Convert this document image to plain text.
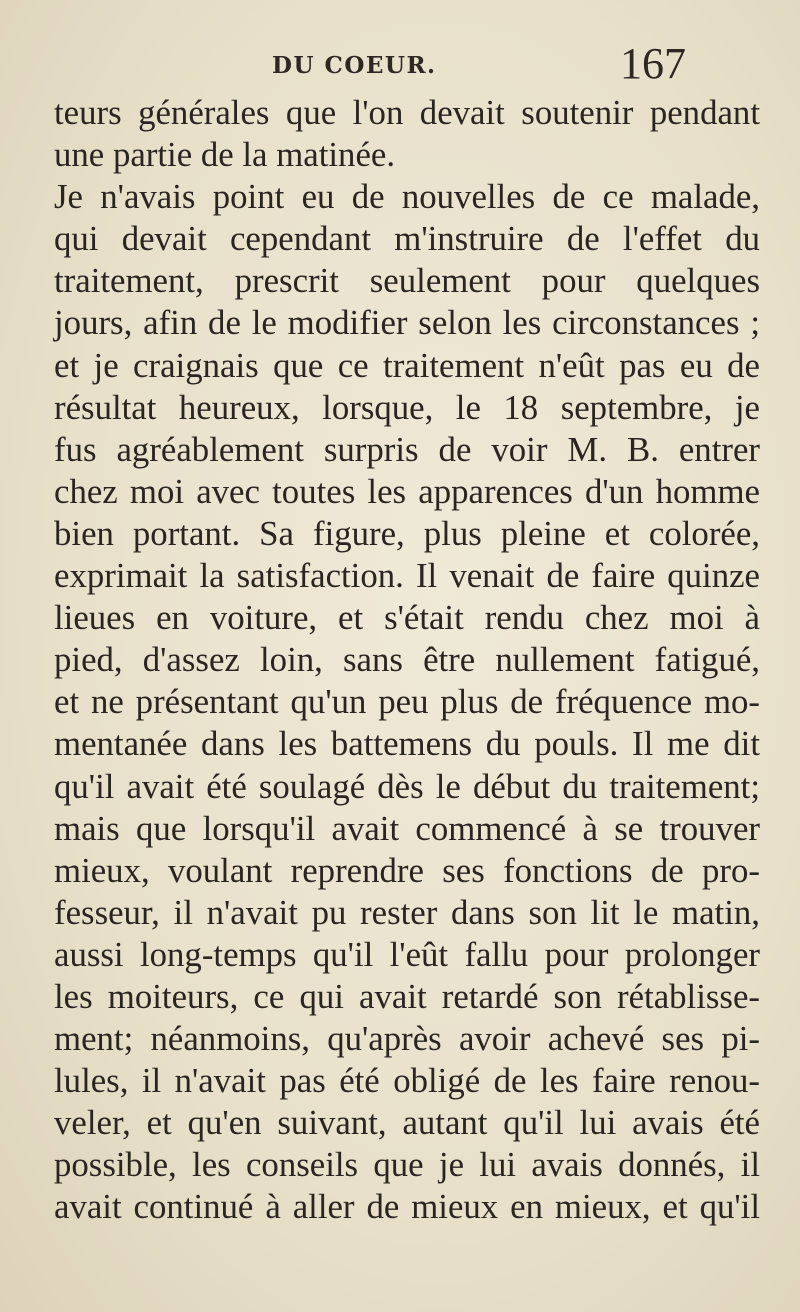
DU COEUR.	167
teurs générales que l'on devait soutenir pendant
une partie de la matinée.
Je n'avais point eu de nouvelles de ce malade,
qui devait cependant m'instruire de l'effet du
traitement, prescrit seulement pour quelques
jours, afin de le modifier selon les circonstances ;
et je craignais que ce traitement n'eût pas eu de
résultat heureux, lorsque, le 18 septembre, je
fus agréablement surpris de voir M. B. entrer
chez moi avec toutes les apparences d'un homme
bien portant. Sa figure, plus pleine et colorée,
exprimait la satisfaction. Il venait de faire quinze
lieues en voiture, et s'était rendu chez moi à
pied, d'assez loin, sans être nullement fatigué,
et ne présentant qu'un peu plus de fréquence mo-
mentanée dans les battemens du pouls. Il me dit
qu'il avait été soulagé dès le début du traitement;
mais que lorsqu'il avait commencé à se trouver
mieux, voulant reprendre ses fonctions de pro-
fesseur, il n'avait pu rester dans son lit le matin,
aussi long-temps qu'il l'eût fallu pour prolonger
les moiteurs, ce qui avait retardé son rétablisse-
ment; néanmoins, qu'après avoir achevé ses pi-
lules, il n'avait pas été obligé de les faire renou-
veler, et qu'en suivant, autant qu'il lui avais été
possible, les conseils que je lui avais donnés, il
avait continué à aller de mieux en mieux, et qu'il
